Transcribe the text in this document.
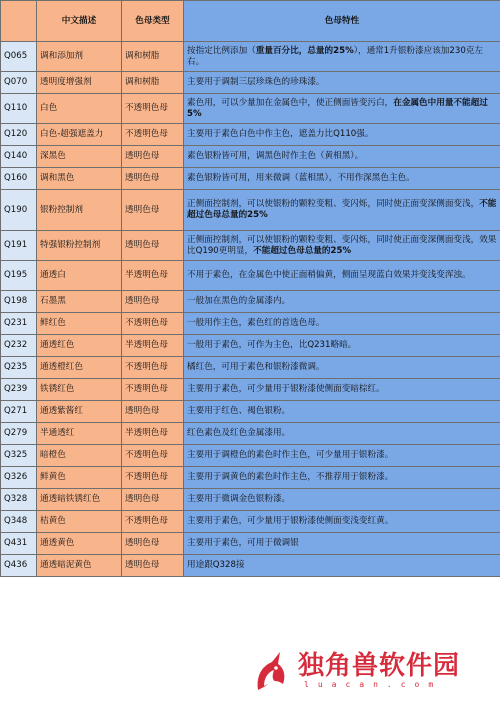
	中文描述	色母类型	色母特性
Q065	调和添加剂	调和树脂	按指定比例添加（重量百分比，总量的25%），通常1升银粉漆应该加230克左右。
Q070	透明度增强剂	调和树脂	主要用于调制三层珍珠色的珍珠漆。
Q110	白色	不透明色母	素色用，可以少量加在金属色中，使正侧面皆变污白，在金属色中用量不能超过5%
Q120	白色-超强遮盖力	不透明色母	主要用于素色白色中作主色，遮盖力比Q110强。
Q140	深黑色	透明色母	素色银粉皆可用，调黑色时作主色（黄相黑）。
Q160	调和黑色	透明色母	素色银粉皆可用，用来微调（蓝相黑），不用作深黑色主色。
Q190	银粉控制剂	透明色母	正侧面控制剂，可以使银粉的颗粒变粗、变闪烁，同时使正面变深侧面变浅，不能超过色母总量的25%
Q191	特强银粉控制剂	透明色母	正侧面控制剂，可以使银粉的颗粒变粗、变闪烁，同时使正面变深侧面变浅，效果比Q190更明显，不能超过色母总量的25%
Q195	通透白	半透明色母	不用于素色，在金属色中使正面稍偏黄，侧面呈现蓝白效果并变浅变浑浊。
Q198	石墨黑	透明色母	一般加在黑色的金属漆内。
Q231	鲜红色	不透明色母	一般用作主色，素色红的首选色母。
Q232	通透红色	半透明色母	一般用于素色，可作为主色，比Q231略暗。
Q235	通透橙红色	不透明色母	橘红色，可用于素色和银粉漆微调。
Q239	铁锈红色	不透明色母	主要用于素色，可少量用于银粉漆使侧面变暗棕红。
Q271	通透紫酱红	透明色母	主要用于红色、褐色银粉。
Q279	半通透红	半透明色母	红色素色及红色金属漆用。
Q325	暗橙色	不透明色母	主要用于调橙色的素色时作主色，可少量用于银粉漆。
Q326	鲜黄色	不透明色母	主要用于调黄色的素色时作主色，不推荐用于银粉漆。
Q328	通透暗铁锈红色	透明色母	主要用于微调金色银粉漆。
Q348	桔黄色	不透明色母	主要用于素色，可少量用于银粉漆使侧面变浅变红黄。
Q431	通透黄色	透明色母	主要用于素色，可用于微调银
Q436	通透暗泥黄色	透明色母	用途跟Q328接
独角兽软件园
luacan.com
